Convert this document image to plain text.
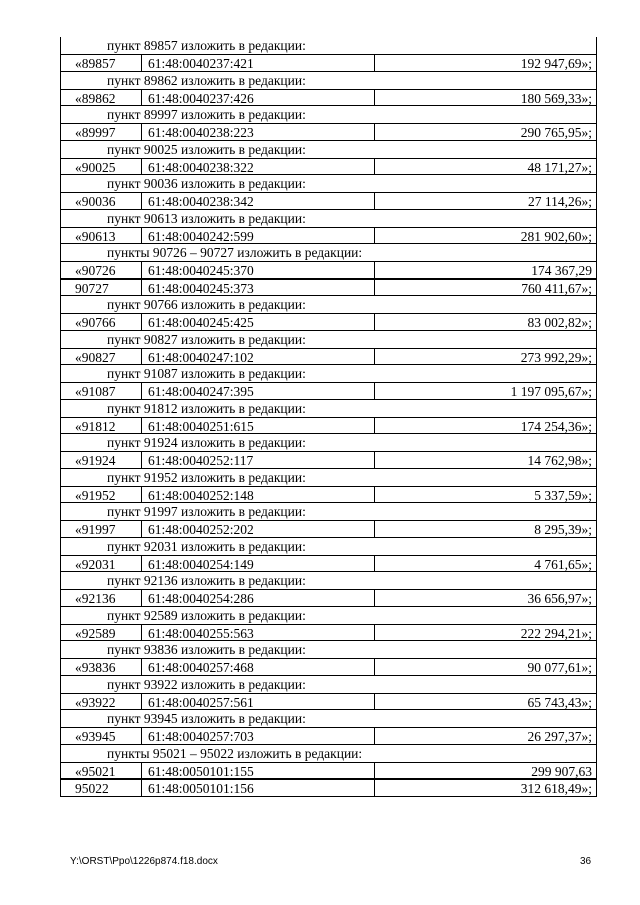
пункт 89857 изложить в редакции:
«89857	61:48:0040237:421	192 947,69»;
пункт 89862 изложить в редакции:
«89862	61:48:0040237:426	180 569,33»;
пункт 89997 изложить в редакции:
«89997	61:48:0040238:223	290 765,95»;
пункт 90025 изложить в редакции:
«90025	61:48:0040238:322	48 171,27»;
пункт 90036 изложить в редакции:
«90036	61:48:0040238:342	27 114,26»;
пункт 90613 изложить в редакции:
«90613	61:48:0040242:599	281 902,60»;
пункты 90726 – 90727 изложить в редакции:
«90726	61:48:0040245:370	174 367,29
90727	61:48:0040245:373	760 411,67»;
пункт 90766 изложить в редакции:
«90766	61:48:0040245:425	83 002,82»;
пункт 90827 изложить в редакции:
«90827	61:48:0040247:102	273 992,29»;
пункт 91087 изложить в редакции:
«91087	61:48:0040247:395	1 197 095,67»;
пункт 91812 изложить в редакции:
«91812	61:48:0040251:615	174 254,36»;
пункт 91924 изложить в редакции:
«91924	61:48:0040252:117	14 762,98»;
пункт 91952 изложить в редакции:
«91952	61:48:0040252:148	5 337,59»;
пункт 91997 изложить в редакции:
«91997	61:48:0040252:202	8 295,39»;
пункт 92031 изложить в редакции:
«92031	61:48:0040254:149	4 761,65»;
пункт 92136 изложить в редакции:
«92136	61:48:0040254:286	36 656,97»;
пункт 92589 изложить в редакции:
«92589	61:48:0040255:563	222 294,21»;
пункт 93836 изложить в редакции:
«93836	61:48:0040257:468	90 077,61»;
пункт 93922 изложить в редакции:
«93922	61:48:0040257:561	65 743,43»;
пункт 93945 изложить в редакции:
«93945	61:48:0040257:703	26 297,37»;
пункты 95021 – 95022 изложить в редакции:
«95021	61:48:0050101:155	299 907,63
95022	61:48:0050101:156	312 618,49»;
Y:\ORST\Ppo\1226p874.f18.docx	36
